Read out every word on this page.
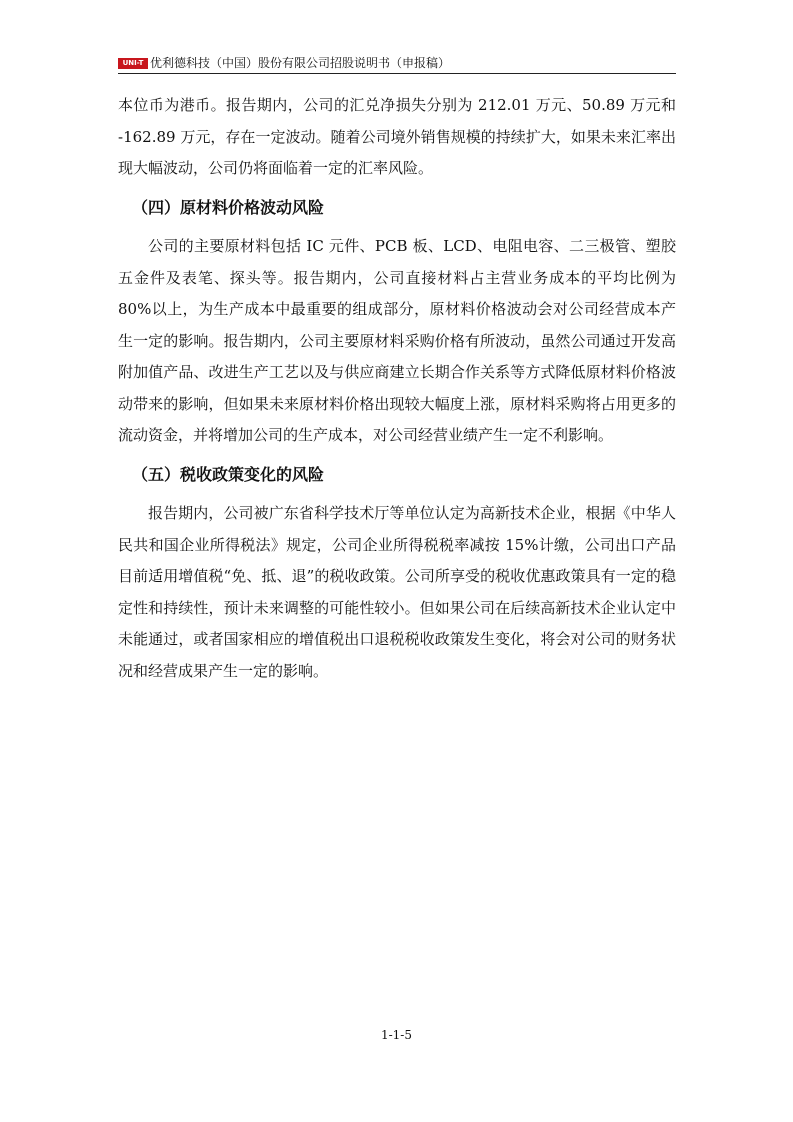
UNI-T 优利德科技（中国）股份有限公司招股说明书（申报稿）

本位币为港币。报告期内，公司的汇兑净损失分别为 212.01 万元、50.89 万元和 -162.89 万元，存在一定波动。随着公司境外销售规模的持续扩大，如果未来汇率出现大幅波动，公司仍将面临着一定的汇率风险。

（四）原材料价格波动风险

公司的主要原材料包括 IC 元件、PCB 板、LCD、电阻电容、二三极管、塑胶五金件及表笔、探头等。报告期内，公司直接材料占主营业务成本的平均比例为 80%以上，为生产成本中最重要的组成部分，原材料价格波动会对公司经营成本产生一定的影响。报告期内，公司主要原材料采购价格有所波动，虽然公司通过开发高附加值产品、改进生产工艺以及与供应商建立长期合作关系等方式降低原材料价格波动带来的影响，但如果未来原材料价格出现较大幅度上涨，原材料采购将占用更多的流动资金，并将增加公司的生产成本，对公司经营业绩产生一定不利影响。

（五）税收政策变化的风险

报告期内，公司被广东省科学技术厅等单位认定为高新技术企业，根据《中华人民共和国企业所得税法》规定，公司企业所得税税率减按 15%计缴，公司出口产品目前适用增值税“免、抵、退”的税收政策。公司所享受的税收优惠政策具有一定的稳定性和持续性，预计未来调整的可能性较小。但如果公司在后续高新技术企业认定中未能通过，或者国家相应的增值税出口退税税收政策发生变化，将会对公司的财务状况和经营成果产生一定的影响。

1-1-5
